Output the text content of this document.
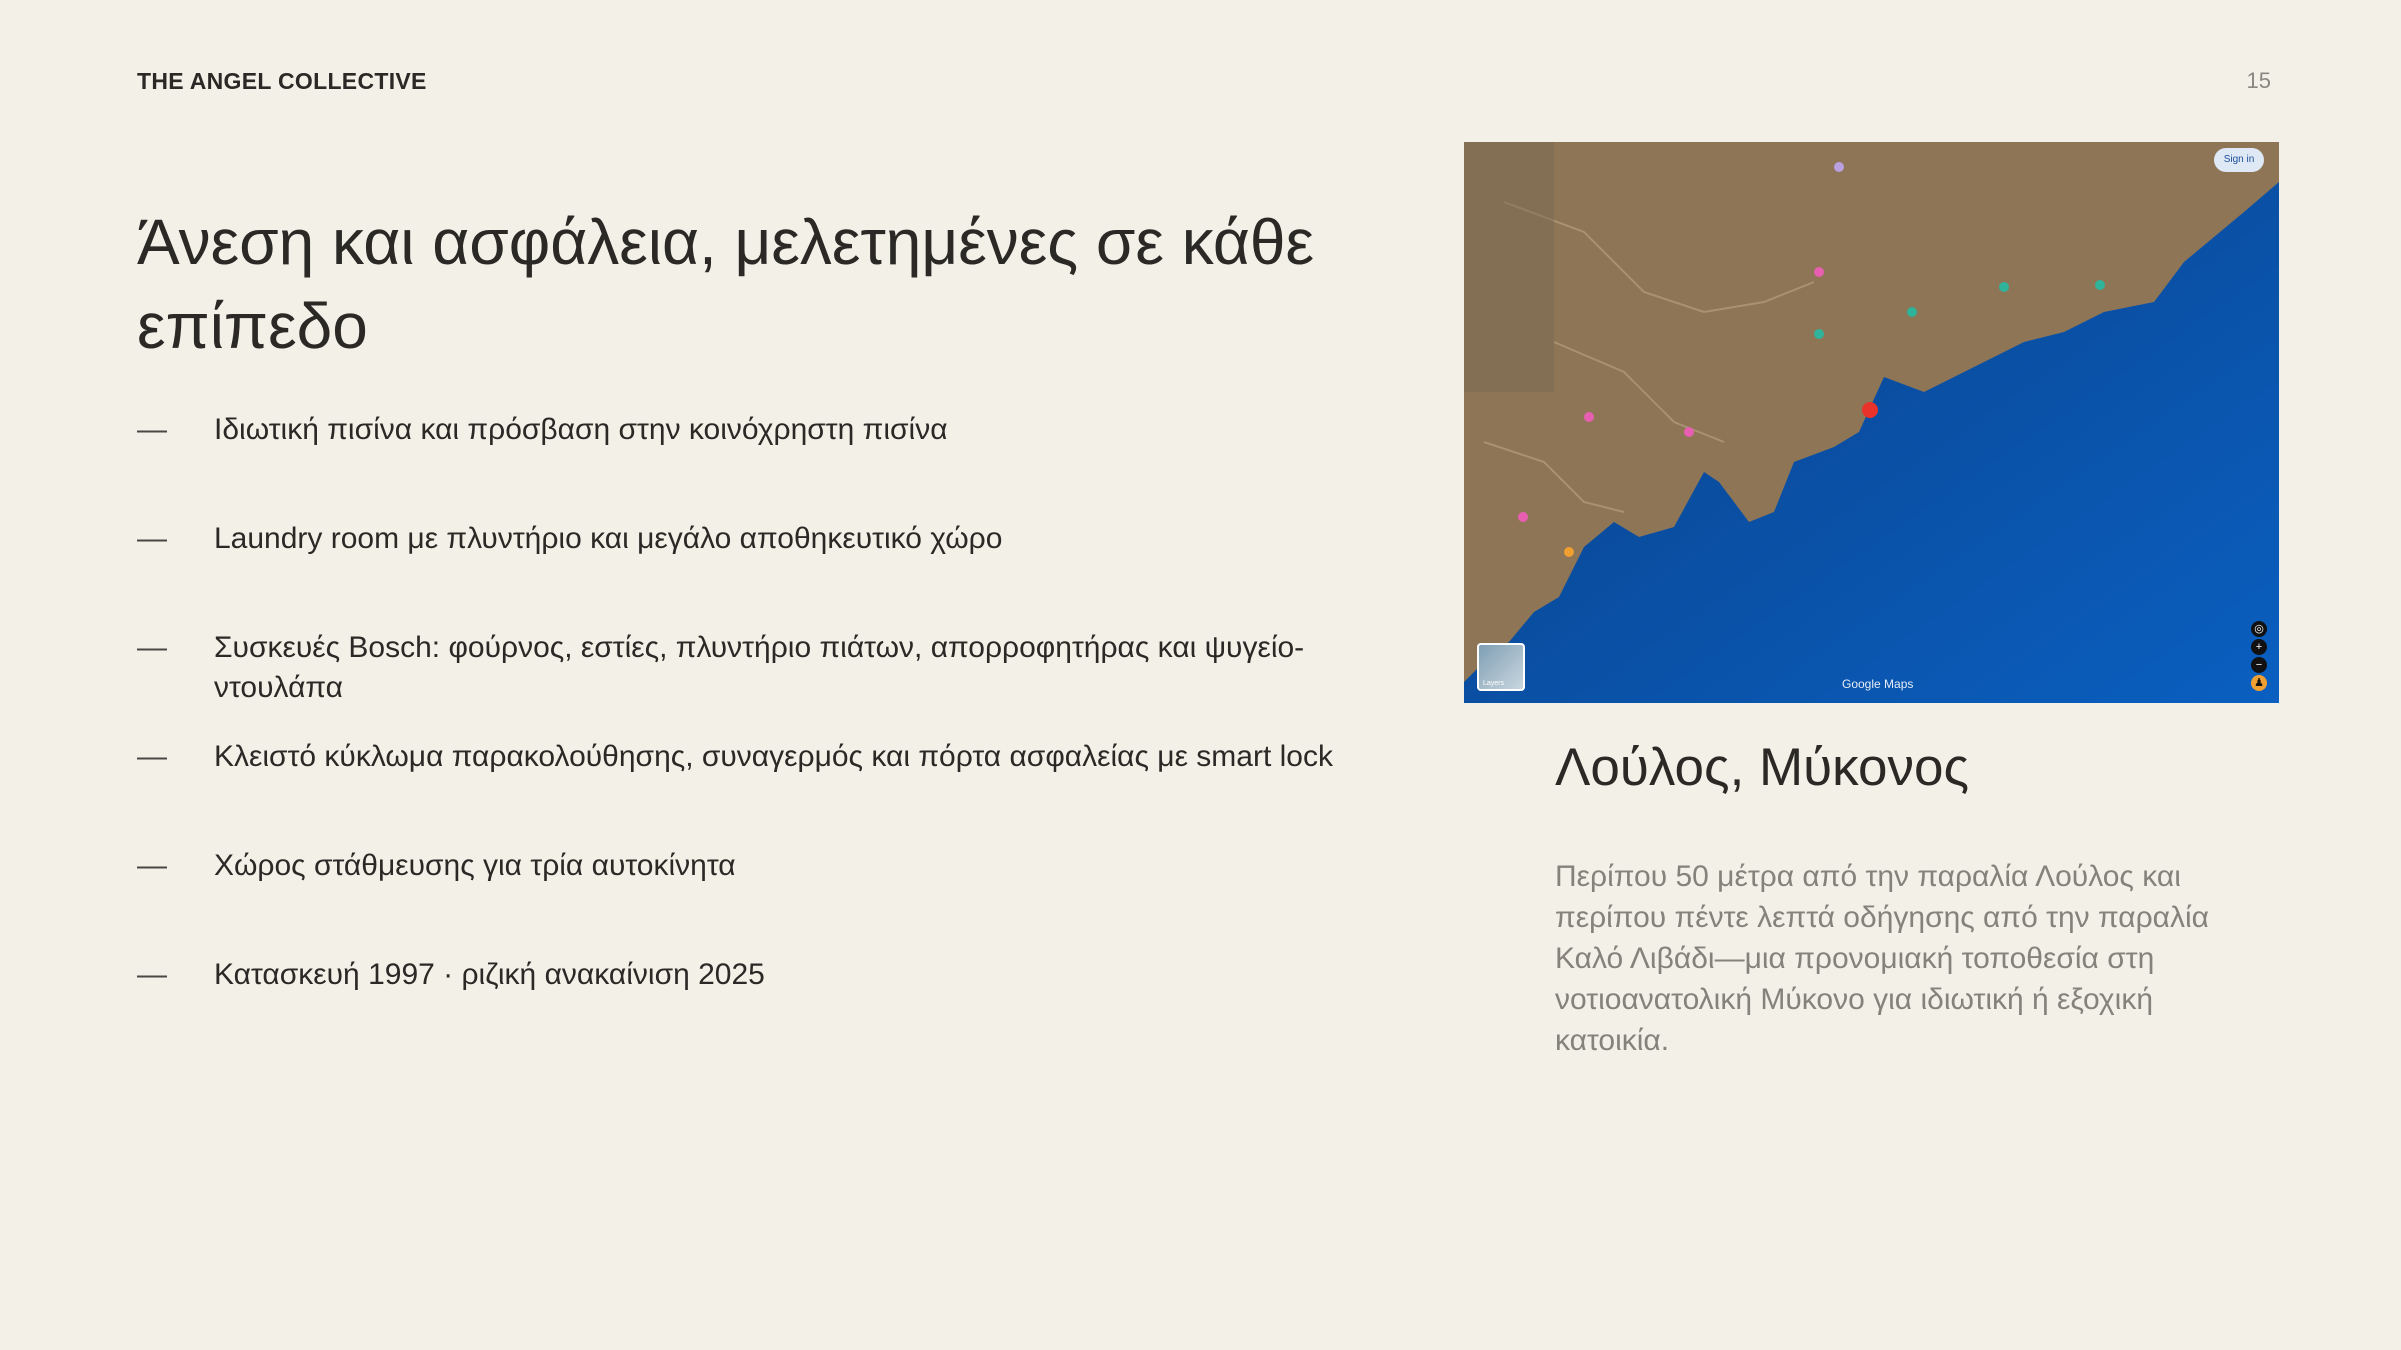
THE ANGEL COLLECTIVE	15
Άνεση και ασφάλεια, μελετημένες σε κάθε επίπεδο
—	Ιδιωτική πισίνα και πρόσβαση στην κοινόχρηστη πισίνα
—	Laundry room με πλυντήριο και μεγάλο αποθηκευτικό χώρο
—	Συσκευές Bosch: φούρνος, εστίες, πλυντήριο πιάτων, απορροφητήρας και ψυγείο-ντουλάπα
—	Κλειστό κύκλωμα παρακολούθησης, συναγερμός και πόρτα ασφαλείας με smart lock
—	Χώρος στάθμευσης για τρία αυτοκίνητα
—	Κατασκευή 1997 · ριζική ανακαίνιση 2025
Sign in
Layers
◎
+
−
♟
Google Maps
Λούλος, Μύκονος

Περίπου 50 μέτρα από την παραλία Λούλος και περίπου πέντε λεπτά οδήγησης από την παραλία Καλό Λιβάδι—μια προνομιακή τοποθεσία στη νοτιοανατολική Μύκονο για ιδιωτική ή εξοχική κατοικία.
